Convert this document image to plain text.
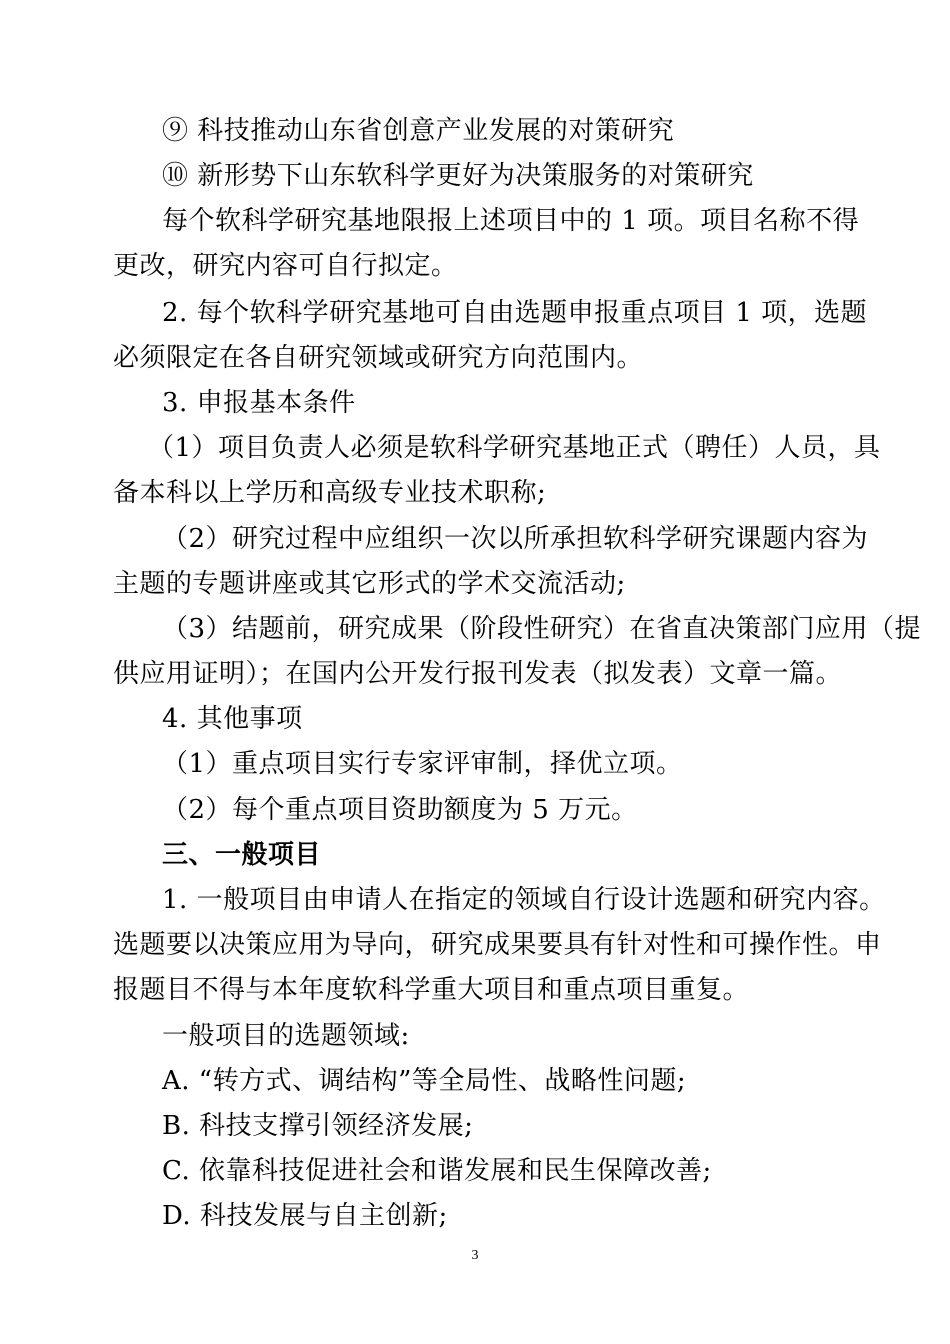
⑨ 科技推动山东省创意产业发展的对策研究
⑩ 新形势下山东软科学更好为决策服务的对策研究
每个软科学研究基地限报上述项目中的 1 项。项目名称不得
更改，研究内容可自行拟定。
2. 每个软科学研究基地可自由选题申报重点项目 1 项，选题
必须限定在各自研究领域或研究方向范围内。
3. 申报基本条件
（1）项目负责人必须是软科学研究基地正式（聘任）人员，具
备本科以上学历和高级专业技术职称;
（2）研究过程中应组织一次以所承担软科学研究课题内容为
主题的专题讲座或其它形式的学术交流活动;
（3）结题前，研究成果（阶段性研究）在省直决策部门应用（提
供应用证明）；在国内公开发行报刊发表（拟发表）文章一篇。
4. 其他事项
（1）重点项目实行专家评审制，择优立项。
（2）每个重点项目资助额度为 5 万元。
三、一般项目
1. 一般项目由申请人在指定的领域自行设计选题和研究内容。
选题要以决策应用为导向，研究成果要具有针对性和可操作性。申
报题目不得与本年度软科学重大项目和重点项目重复。
一般项目的选题领域:
A. “转方式、调结构”等全局性、战略性问题;
B. 科技支撑引领经济发展;
C. 依靠科技促进社会和谐发展和民生保障改善;
D. 科技发展与自主创新;
3
